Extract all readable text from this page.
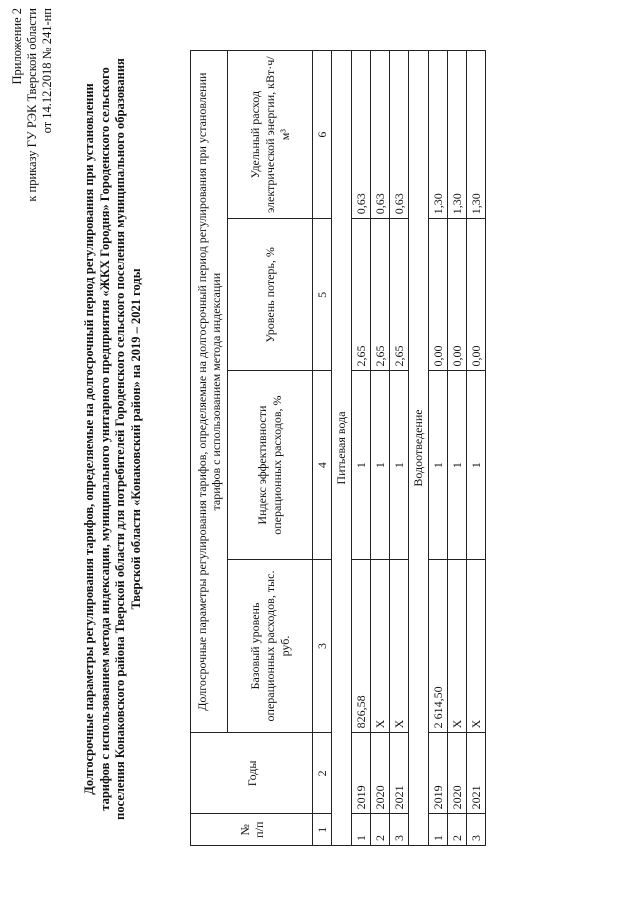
Приложение 2 к приказу ГУ РЭК Тверской области от 14.12.2018 № 241-нп
Долгосрочные параметры регулирования тарифов, определяемые на долгосрочный период регулирования при установлении тарифов с использованием метода индексации, муниципального унитарного предприятия «ЖКХ Городня» Городенского сельского поселения Конаковского района Тверской области для потребителей Городенского сельского поселения муниципального образования Тверской области «Конаковский район» на 2019 – 2021 годы
№ п/п	Годы	Долгосрочные параметры регулирования тарифов, определяемые на долгосрочный период регулирования при установлении тарифов с использованием метода индексации			
		Базовый уровень операционных расходов, тыс. руб.	Индекс эффективности операционных расходов, %	Уровень потерь, %	Удельный расход электрической энергии, кВт·ч/м³
1	2	3	4	5	6
Питьевая вода					
1	2019	826,58	1	2,65	0,63
2	2020	X	1	2,65	0,63
3	2021	X	1	2,65	0,63
Водоотведение					
1	2019	2 614,50	1	0,00	1,30
2	2020	X	1	0,00	1,30
3	2021	X	1	0,00	1,30
